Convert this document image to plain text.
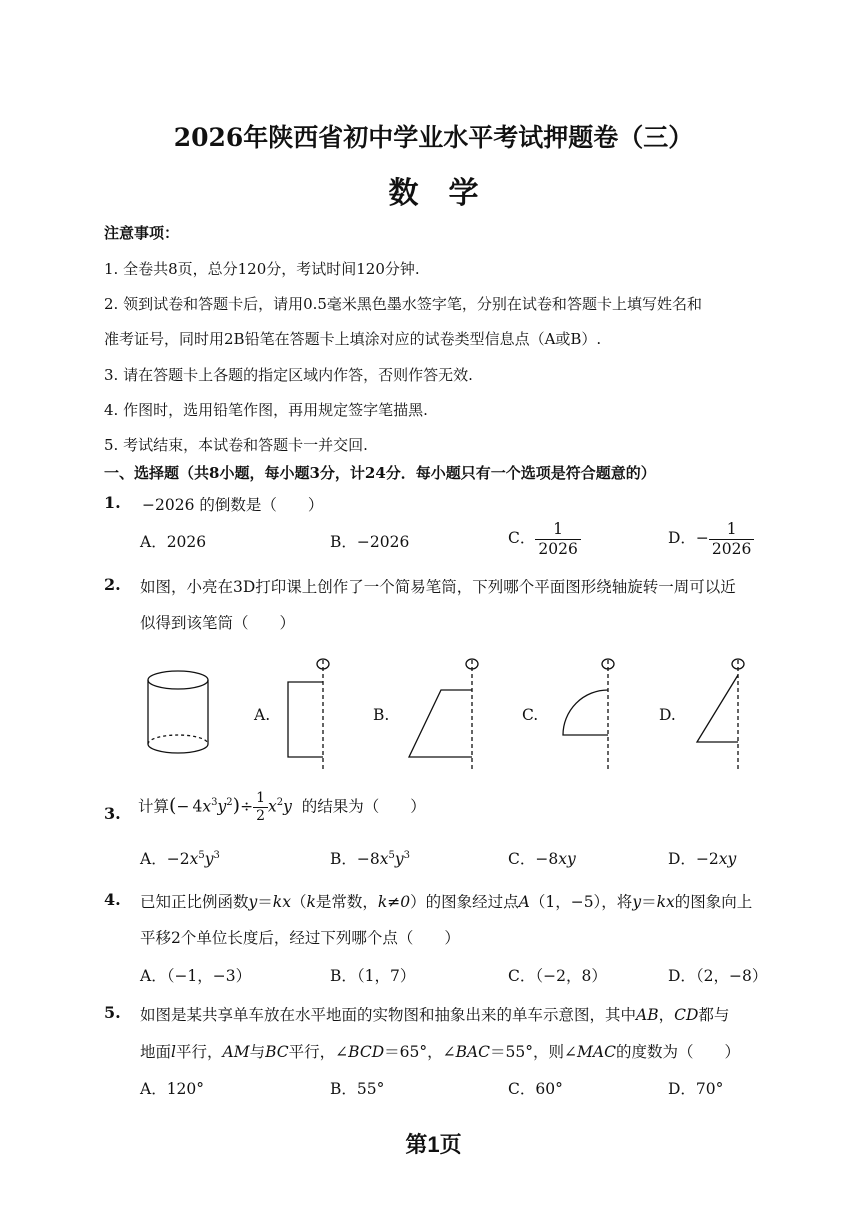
2026年陕西省初中学业水平考试押题卷（三）
数学
注意事项：
1. 全卷共8页，总分120分，考试时间120分钟.
2. 领到试卷和答题卡后，请用0.5毫米黑色墨水签字笔，分别在试卷和答题卡上填写姓名和
准考证号，同时用2B铅笔在答题卡上填涂对应的试卷类型信息点（A或B）.
3. 请在答题卡上各题的指定区域内作答，否则作答无效.
4. 作图时，选用铅笔作图，再用规定签字笔描黑.
5. 考试结束，本试卷和答题卡一并交回.
一、选择题（共8小题，每小题3分，计24分．每小题只有一个选项是符合题意的）
1. −2026 的倒数是（　　）
A．2026	B．−2026	C． $\frac{1}{2026}$	D．− $\frac{1}{2026}$
2. 如图，小亮在3D打印课上创作了一个简易笔筒，下列哪个平面图形绕轴旋转一周可以近
似得到该笔筒（　　）
A.	B.	C.	D.
3. 计算(− $4x^3y^2)\div \frac{1}{2} x^2y$ 的结果为（　　）
A．$-2x^5y^3$	B．$-8x^5y^3$	C．−8xy	D．−2xy
4. 已知正比例函数y＝kx（k是常数，k≠0）的图象经过点A（1，−5），将y＝kx的图象向上
平移2个单位长度后，经过下列哪个点（　　）
A．（−1，−3）	B．（1，7）	C．（−2，8）	D．（2，−8）
5. 如图是某共享单车放在水平地面的实物图和抽象出来的单车示意图，其中AB，CD都与
地面l平行，AM与BC平行，∠BCD＝65°，∠BAC＝55°，则∠MAC的度数为（　　）
A．120°	B．55°	C．60°	D．70°
第1页
